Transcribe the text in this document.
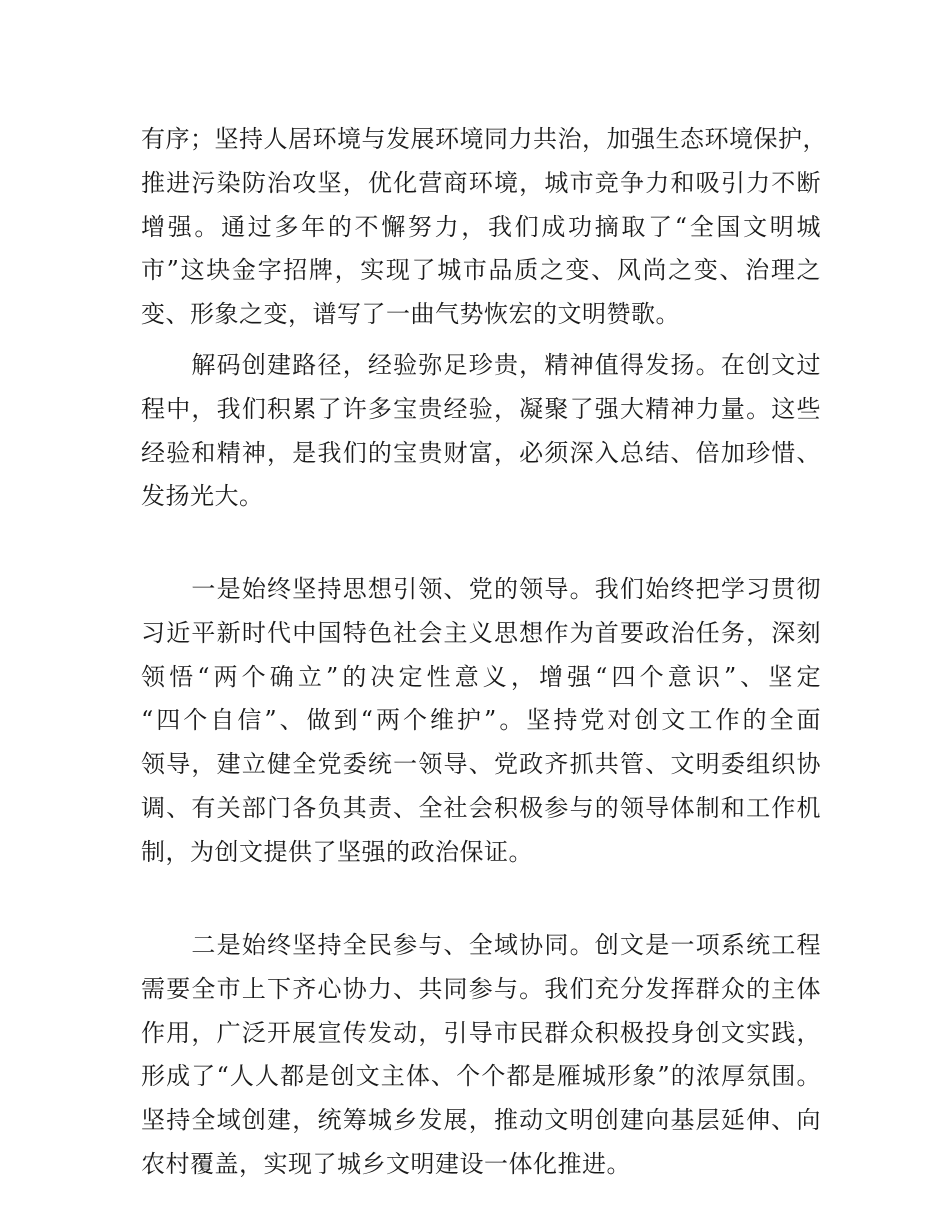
有序；坚持人居环境与发展环境同力共治，加强生态环境保护，
推进污染防治攻坚，优化营商环境，城市竞争力和吸引力不断
增强。通过多年的不懈努力，我们成功摘取了“全国文明城
市”这块金字招牌，实现了城市品质之变、风尚之变、治理之
变、形象之变，谱写了一曲气势恢宏的文明赞歌。
　　解码创建路径，经验弥足珍贵，精神值得发扬。在创文过
程中，我们积累了许多宝贵经验，凝聚了强大精神力量。这些
经验和精神，是我们的宝贵财富，必须深入总结、倍加珍惜、
发扬光大。
　　一是始终坚持思想引领、党的领导。我们始终把学习贯彻
习近平新时代中国特色社会主义思想作为首要政治任务，深刻
领悟“两个确立”的决定性意义，增强“四个意识”、坚定
“四个自信”、做到“两个维护”。坚持党对创文工作的全面
领导，建立健全党委统一领导、党政齐抓共管、文明委组织协
调、有关部门各负其责、全社会积极参与的领导体制和工作机
制，为创文提供了坚强的政治保证。
　　二是始终坚持全民参与、全域协同。创文是一项系统工程
需要全市上下齐心协力、共同参与。我们充分发挥群众的主体
作用，广泛开展宣传发动，引导市民群众积极投身创文实践，
形成了“人人都是创文主体、个个都是雁城形象”的浓厚氛围。
坚持全域创建，统筹城乡发展，推动文明创建向基层延伸、向
农村覆盖，实现了城乡文明建设一体化推进。
